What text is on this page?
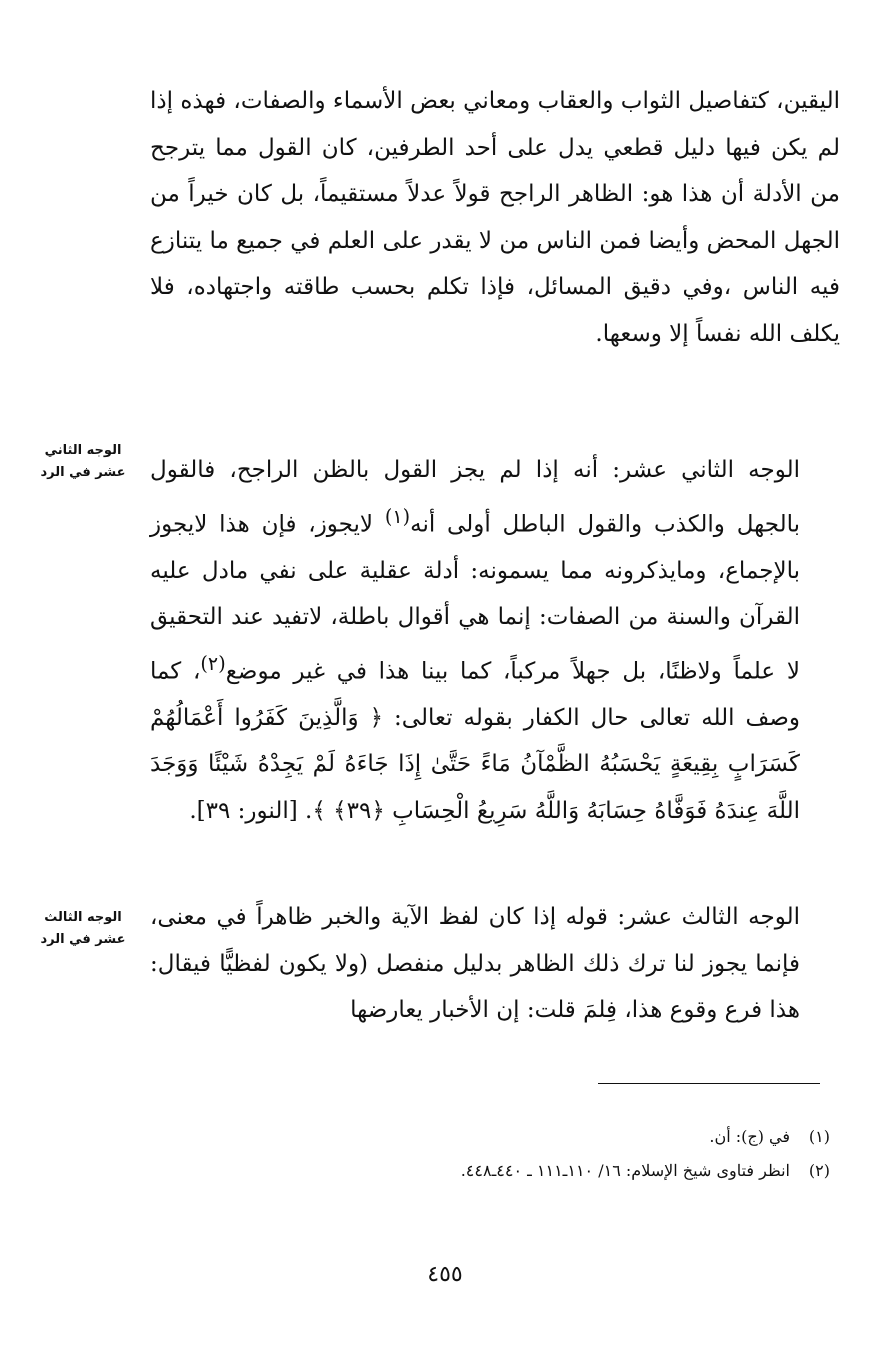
اليقين، كتفاصيل الثواب والعقاب ومعاني بعض الأسماء والصفات، فهذه إذا لم يكن فيها دليل قطعي يدل على أحد الطرفين، كان القول مما يترجح من الأدلة أن هذا هو: الظاهر الراجح قولاً عدلاً مستقيماً، بل كان خيراً من الجهل المحض وأيضا فمن الناس من لا يقدر على العلم في جميع ما يتنازع فيه الناس ،وفي دقيق المسائل، فإذا تكلم بحسب طاقته واجتهاده، فلا يكلف الله نفساً إلا وسعها.

الوجه الثاني عشر في الرد	الوجه الثاني عشر: أنه إذا لم يجز القول بالظن الراجح، فالقول بالجهل والكذب والقول الباطل أولى أنه$^{(١)}$ لايجوز، فإن هذا لايجوز بالإجماع، ومايذكرونه مما يسمونه: أدلة عقلية على نفي مادل عليه القرآن والسنة من الصفات: إنما هي أقوال باطلة، لاتفيد عند التحقيق لا علماً ولاظنًا، بل جهلاً مركباً، كما بينا هذا في غير موضع$^{(٢)}$، كما وصف الله تعالى حال الكفار بقوله تعالى: ﴿ وَالَّذِينَ كَفَرُوا أَعْمَالُهُمْ كَسَرَابٍ بِقِيعَةٍ يَحْسَبُهُ الظَّمْآنُ مَاءً حَتَّىٰ إِذَا جَاءَهُ لَمْ يَجِدْهُ شَيْئًا وَوَجَدَ اللَّهَ عِندَهُ فَوَفَّاهُ حِسَابَهُ وَاللَّهُ سَرِيعُ الْحِسَابِ ﴿٣٩﴾ ﴾. [النور: ٣٩].

الوجه الثالث عشر في الرد

الوجه الثالث عشر: قوله إذا كان لفظ الآية والخبر ظاهراً في معنى، فإنما يجوز لنا ترك ذلك الظاهر بدليل منفصل (ولا يكون لفظيًّا فيقال: هذا فرع وقوع هذا، فِلمَ قلت: إن الأخبار يعارضها

(١)في (ج): أن.
(٢)انظر فتاوى شيخ الإسلام: ١٦/ ١١٠ـ١١١ ـ ٤٤٠ـ٤٤٨.
٤٥٥
